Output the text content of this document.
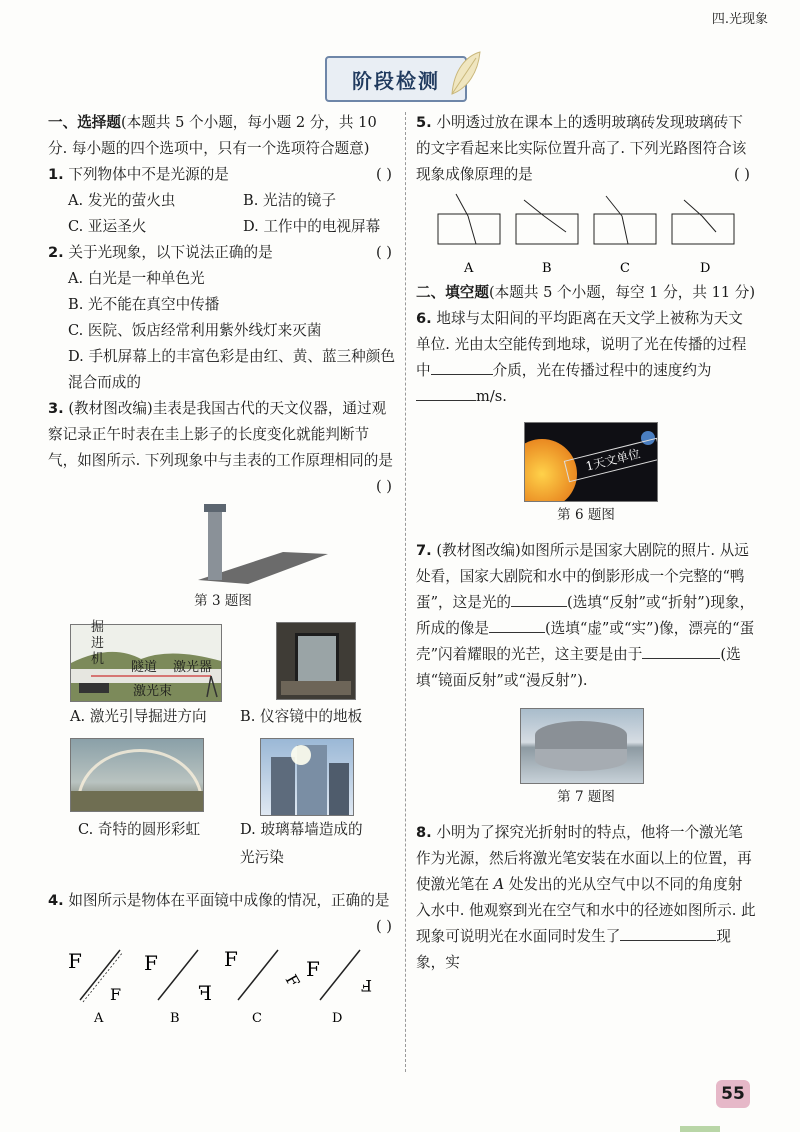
四.光现象
阶段检测

一、选择题(本题共 5 个小题，每小题 2 分，共 10 分. 每小题的四个选项中，只有一个选项符合题意)

1. 下列物体中不是光源的是	( )

A. 发光的萤火虫	B. 光洁的镜子
C. 亚运圣火	D. 工作中的电视屏幕

2. 关于光现象，以下说法正确的是	( )

A. 白光是一种单色光

B. 光不能在真空中传播

C. 医院、饭店经常利用紫外线灯来灭菌

D. 手机屏幕上的丰富色彩是由红、黄、蓝三种颜色混合而成的

3. (教材图改编)圭表是我国古代的天文仪器，通过观察记录正午时表在圭上影子的长度变化就能判断节气，如图所示. 下列现象中与圭表的工作原理相同的是
( )

第 3 题图
掘
进
机
隧道 激光器
激光束
A. 激光引导掘进方向 B. 仪容镜中的地板
C. 奇特的圆形彩虹	D. 玻璃幕墙造成的光污染

4. 如图所示是物体在平面镜中成像的情况，正确的是
( )

F
F
F
F
F
F F
F
A	B	C	D

5. 小明透过放在课本上的透明玻璃砖发现玻璃砖下的文字看起来比实际位置升高了. 下列光路图符合该现象成像原理的是	( )

A	B	C	D

二、填空题(本题共 5 个小题，每空 1 分，共 11 分)

6. 地球与太阳间的平均距离在天文学上被称为天文单位. 光由太空能传到地球，说明了光在传播的过程中	介质，光在传播过程中的速度约为m/s.

1天文单位
第 6 题图

7. (教材图改编)如图所示是国家大剧院的照片. 从远处看，国家大剧院和水中的倒影形成一个完整的“鸭蛋”，这是光的	(选填“反射”或“折射”)现象，所成的像是	(选填“虚”或“实”)像，漂亮的“蛋壳”闪着耀眼的光芒，这主要是由于	(选填“镜面反射”或“漫反射”).

第 7 题图

8. 小明为了探究光折射时的特点，他将一个激光笔作为光源，然后将激光笔安装在水面以上的位置，再使激光笔在 A 处发出的光从空气中以不同的角度射入水中. 他观察到光在空气和水中的径迹如图所示. 此现象可说明光在水面同时发生了	现象，实

55
